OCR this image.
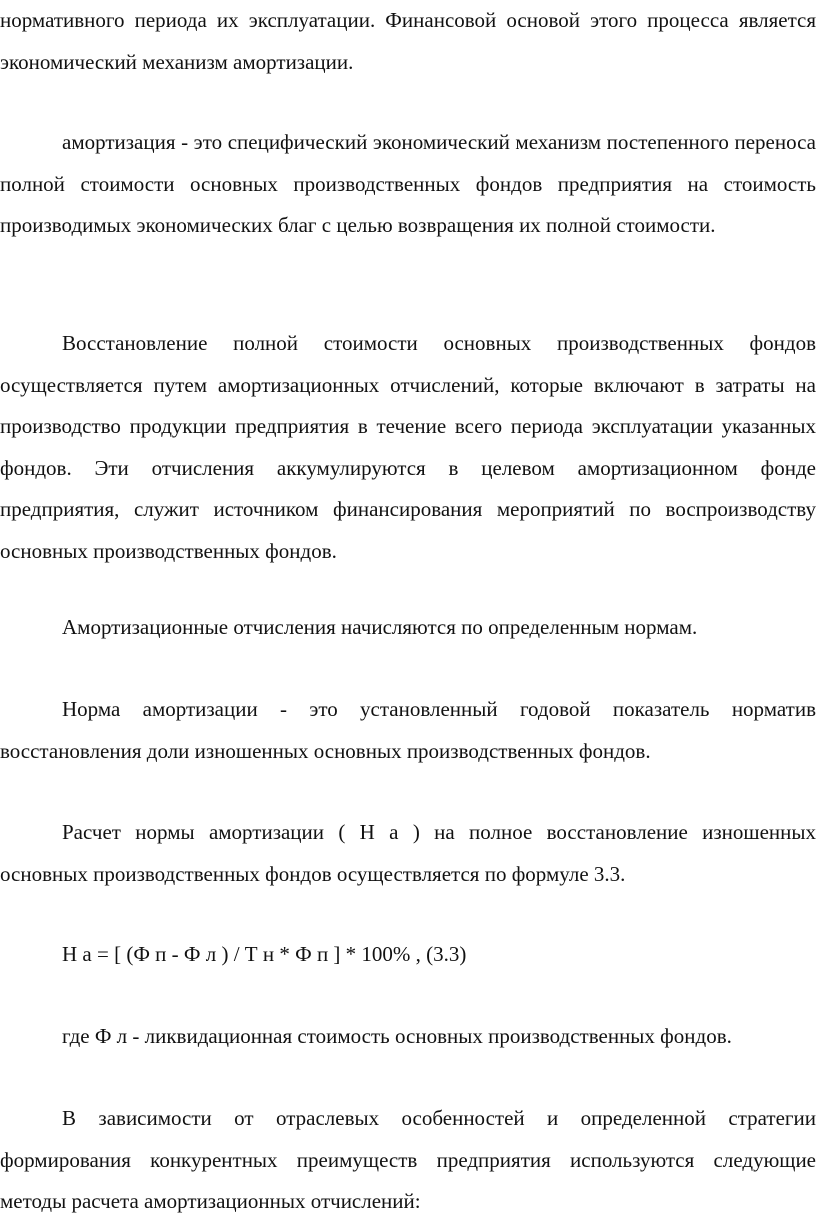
нормативного периода их эксплуатации. Финансовой основой этого процесса является экономический механизм амортизации.

амортизация - это специфический экономический механизм постепенного переноса полной стоимости основных производственных фондов предприятия на стоимость производимых экономических благ с целью возвращения их полной стоимости.

Восстановление полной стоимости основных производственных фондов осуществляется путем амортизационных отчислений, которые включают в затраты на производство продукции предприятия в течение всего периода эксплуатации указанных фондов. Эти отчисления аккумулируются в целевом амортизационном фонде предприятия, служит источником финансирования мероприятий по воспроизводству основных производственных фондов.

Амортизационные отчисления начисляются по определенным нормам.

Норма амортизации - это установленный годовой показатель норматив восстановления доли изношенных основных производственных фондов.

Расчет нормы амортизации ( Н а ) на полное восстановление изношенных основных производственных фондов осуществляется по формуле 3.3.

Н а = [ (Ф п - Ф л ) / Т н * Ф п ] * 100% , (3.3)

где Ф л - ликвидационная стоимость основных производственных фондов.

В зависимости от отраслевых особенностей и определенной стратегии формирования конкурентных преимуществ предприятия используются следующие методы расчета амортизационных отчислений:
